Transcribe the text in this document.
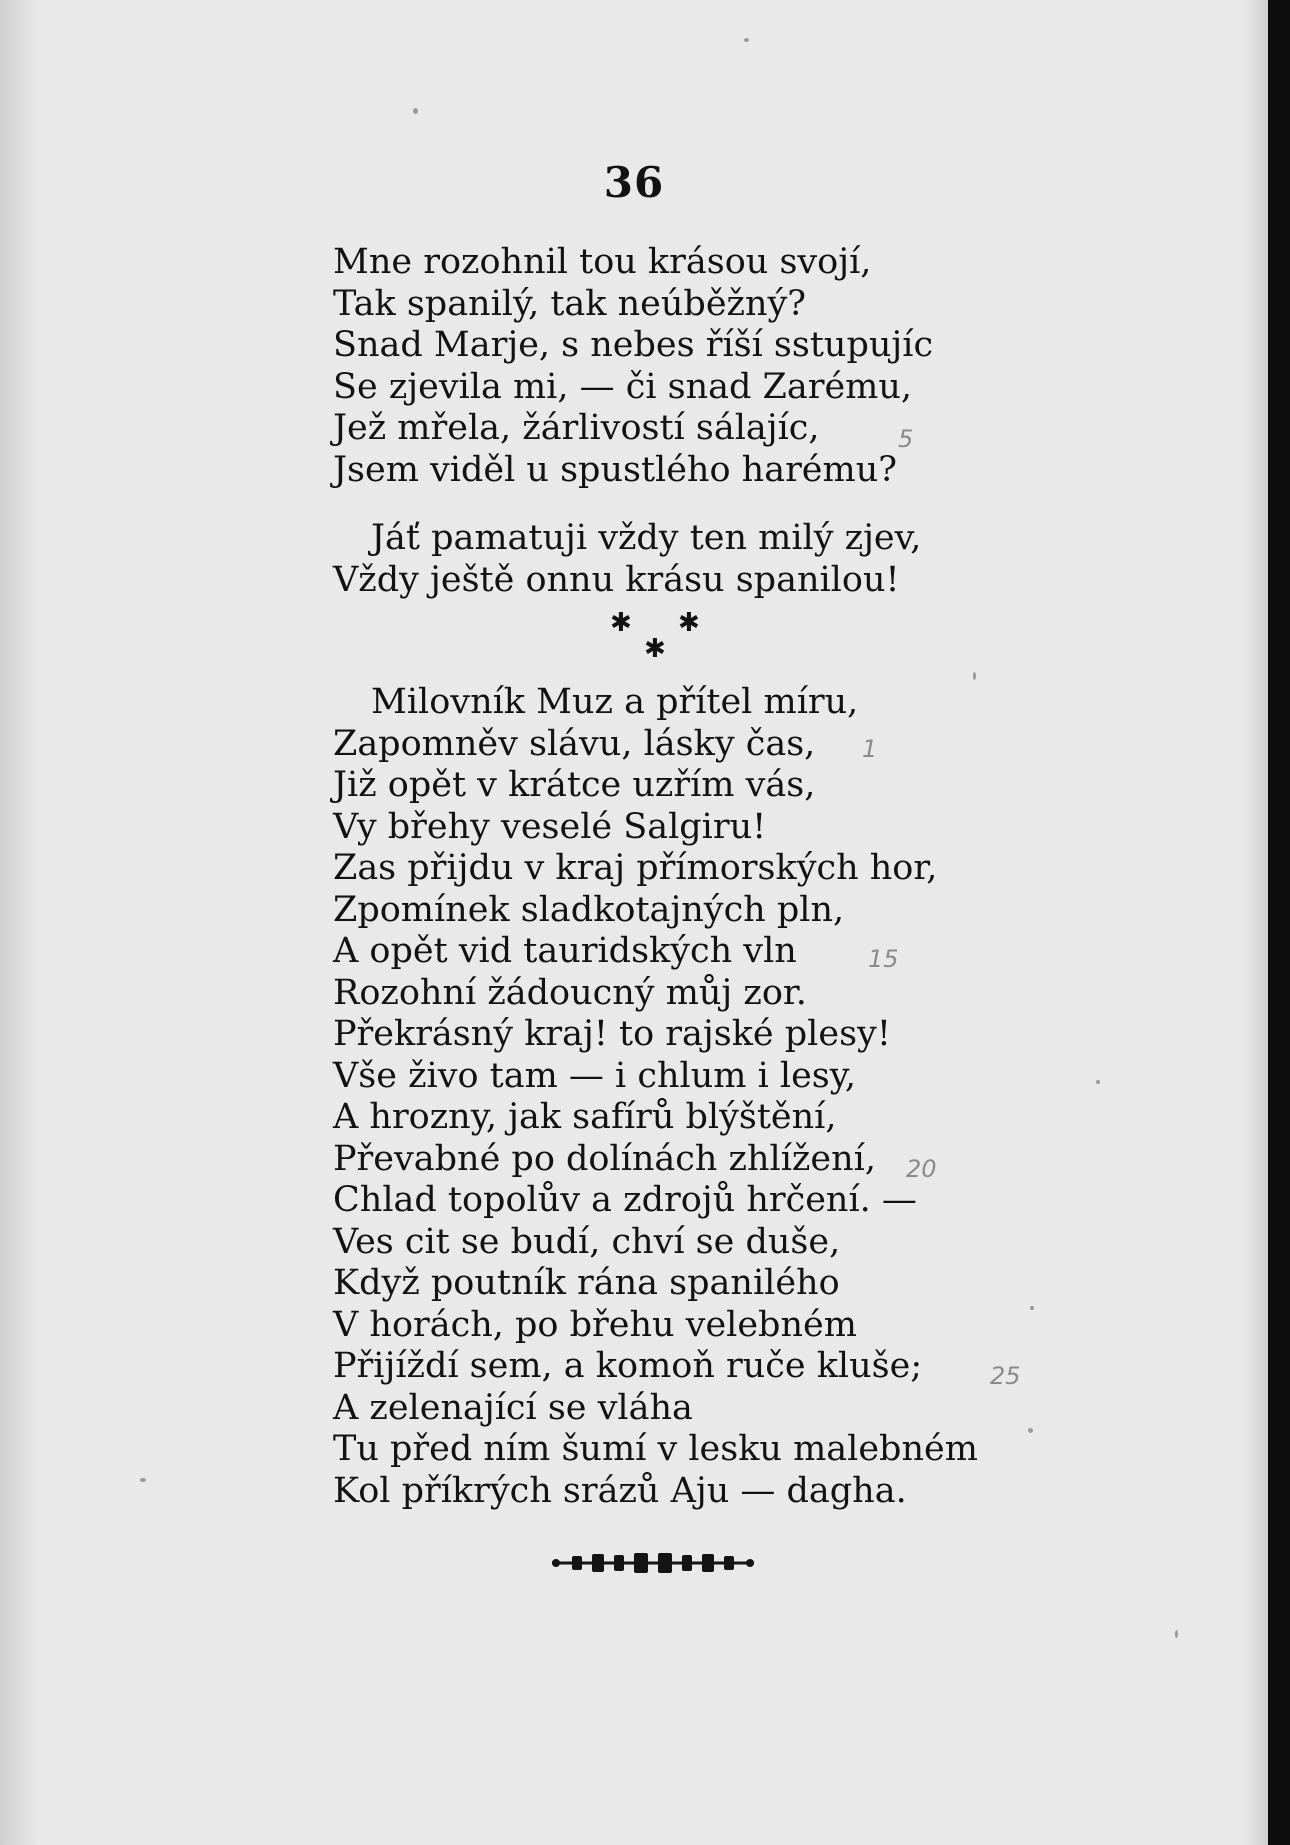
36
Mne rozohnil tou krásou svojí,
Tak spanilý, tak neúběžný?
Snad Marje, s nebes říší sstupujíc
Se zjevila mi, — či snad Zarému,
Jež mřela, žárlivostí sálajíc,
Jsem viděl u spustlého harému?
Jáť pamatuji vždy ten milý zjev,
Vždy ještě onnu krásu spanilou!
✱ ✱
✱
Milovník Muz a přítel míru,
Zapomněv slávu, lásky čas,
Již opět v krátce uzřím vás,
Vy břehy veselé Salgiru!
Zas přijdu v kraj přímorských hor,
Zpomínek sladkotajných pln,
A opět vid tauridských vln
Rozohní žádoucný můj zor.
Překrásný kraj! to rajské plesy!
Vše živo tam — i chlum i lesy,
A hrozny, jak safírů blýštění,
Převabné po dolínách zhlížení,
Chlad topolův a zdrojů hrčení. —
Ves cit se budí, chví se duše,
Když poutník rána spanilého
V horách, po břehu velebném
Přijíždí sem, a komoň ruče kluše;
A zelenající se vláha
Tu před ním šumí v lesku malebném
Kol příkrých srázů Aju — dagha.
5
1
15
20
25
